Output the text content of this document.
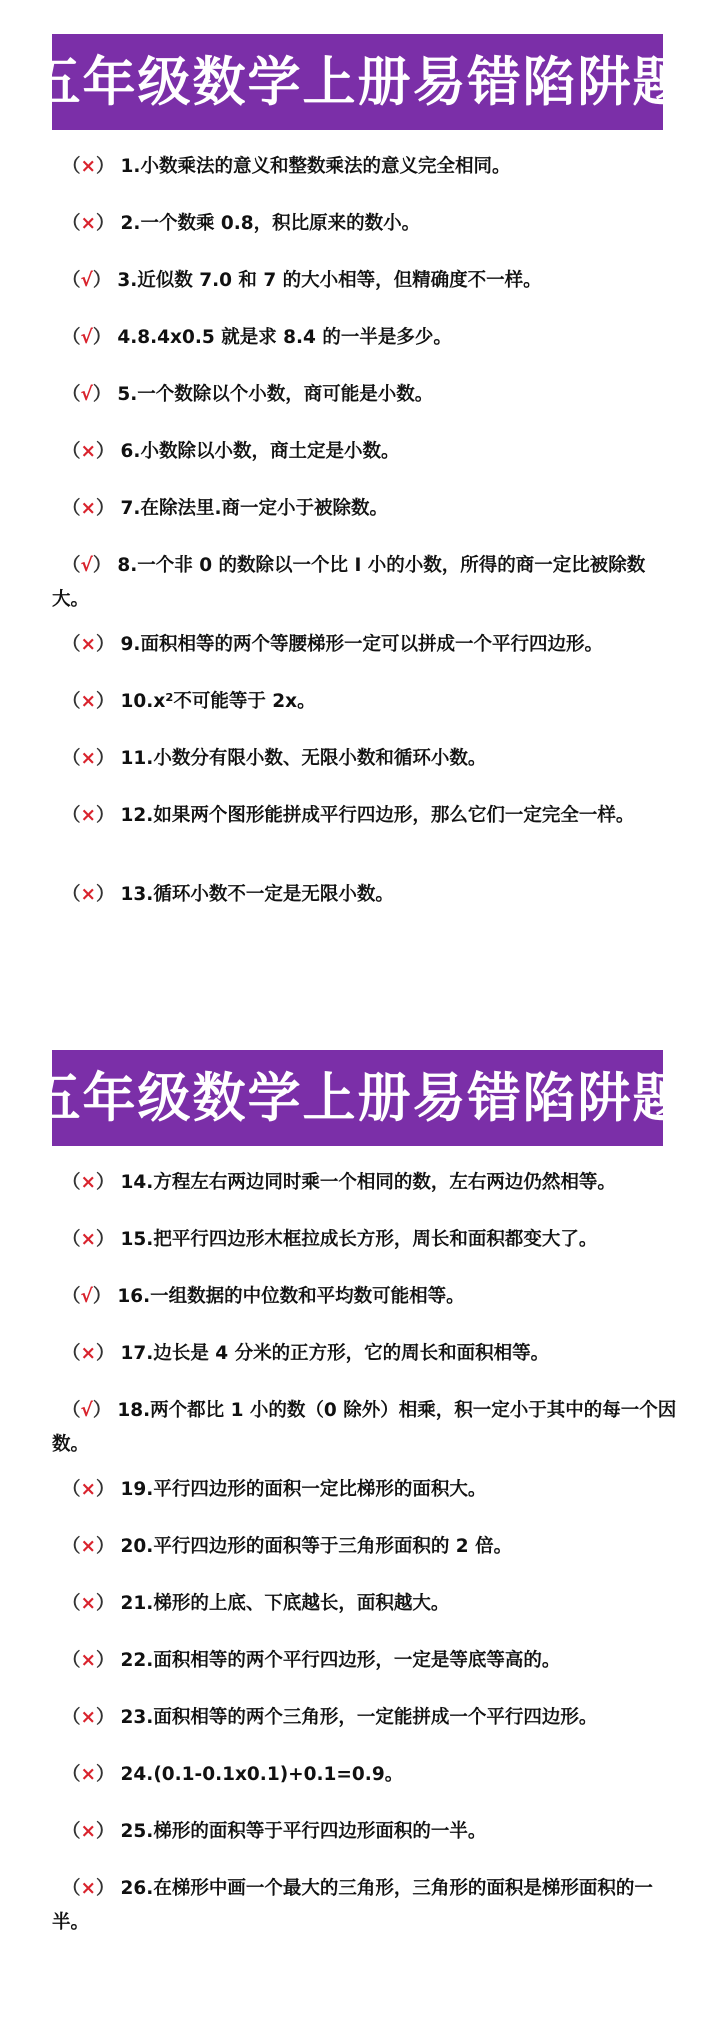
五年级数学上册易错陷阱题
（×） 1.小数乘法的意义和整数乘法的意义完全相同。
（×） 2.一个数乘 0.8，积比原来的数小。
（√） 3.近似数 7.0 和 7 的大小相等，但精确度不一样。
（√） 4.8.4x0.5 就是求 8.4 的一半是多少。
（√） 5.一个数除以个小数，商可能是小数。
（×） 6.小数除以小数，商土定是小数。
（×） 7.在除法里.商一定小于被除数。
（√） 8.一个非 0 的数除以一个比 I 小的小数，所得的商一定比被除数大。
（×） 9.面积相等的两个等腰梯形一定可以拼成一个平行四边形。
（×） 10.x²不可能等于 2x。
（×） 11.小数分有限小数、无限小数和循环小数。
（×） 12.如果两个图形能拼成平行四边形，那么它们一定完全一样。
（×） 13.循环小数不一定是无限小数。
五年级数学上册易错陷阱题
（×） 14.方程左右两边同时乘一个相同的数，左右两边仍然相等。
（×） 15.把平行四边形木框拉成长方形，周长和面积都变大了。
（√） 16.一组数据的中位数和平均数可能相等。
（×） 17.边长是 4 分米的正方形，它的周长和面积相等。
（√） 18.两个都比 1 小的数（0 除外）相乘，积一定小于其中的每一个因数。
（×） 19.平行四边形的面积一定比梯形的面积大。
（×） 20.平行四边形的面积等于三角形面积的 2 倍。
（×） 21.梯形的上底、下底越长，面积越大。
（×） 22.面积相等的两个平行四边形，一定是等底等高的。
（×） 23.面积相等的两个三角形，一定能拼成一个平行四边形。
（×） 24.(0.1-0.1x0.1)+0.1=0.9。
（×） 25.梯形的面积等于平行四边形面积的一半。
（×） 26.在梯形中画一个最大的三角形，三角形的面积是梯形面积的一半。
